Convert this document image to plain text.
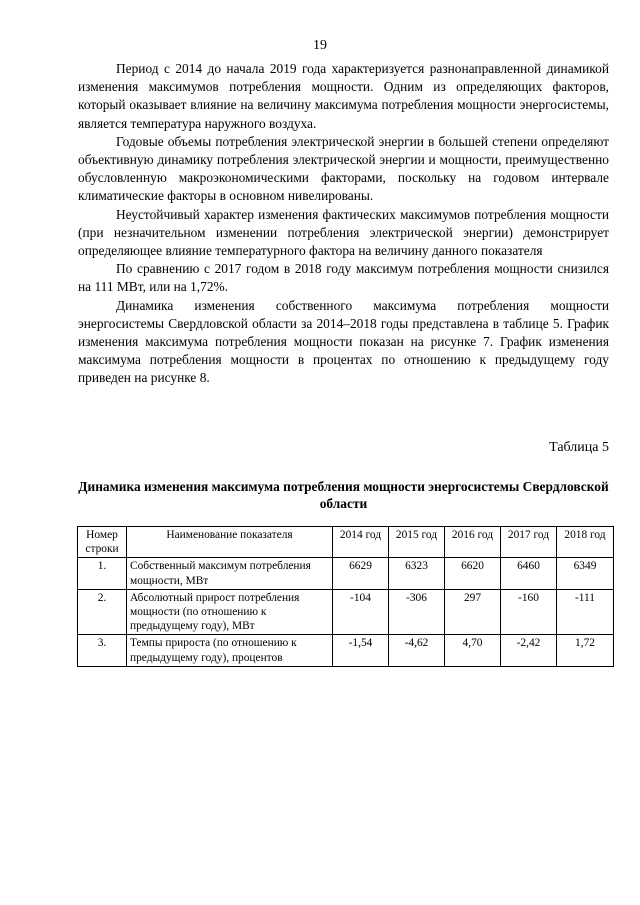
19

Период с 2014 до начала 2019 года характеризуется разнонаправленной динамикой изменения максимумов потребления мощности. Одним из определяющих факторов, который оказывает влияние на величину максимума потребления мощности энергосистемы, является температура наружного воздуха.

Годовые объемы потребления электрической энергии в большей степени определяют объективную динамику потребления электрической энергии и мощности, преимущественно обусловленную макроэкономическими факторами, поскольку на годовом интервале климатические факторы в основном нивелированы.

Неустойчивый характер изменения фактических максимумов потребления мощности (при незначительном изменении потребления электрической энергии) демонстрирует определяющее влияние температурного фактора на величину данного показателя

По сравнению с 2017 годом в 2018 году максимум потребления мощности снизился на 111 МВт, или на 1,72%.

Динамика изменения собственного максимума потребления мощности энергосистемы Свердловской области за 2014–2018 годы представлена в таблице 5. График изменения максимума потребления мощности показан на рисунке 7. График изменения максимума потребления мощности в процентах по отношению к предыдущему году приведен на рисунке 8.

Таблица 5
Динамика изменения максимума потребления мощности энергосистемы Свердловской области
Номер строки	Наименование показателя	2014 год	2015 год	2016 год	2017 год	2018 год
1.	Собственный максимум потребления мощности, МВт	6629	6323	6620	6460	6349
2.	Абсолютный прирост потребления мощности (по отношению к предыдущему году), МВт	-104	-306	297	-160	-111
3.	Темпы прироста (по отношению к предыдущему году), процентов	-1,54	-4,62	4,70	-2,42	1,72
